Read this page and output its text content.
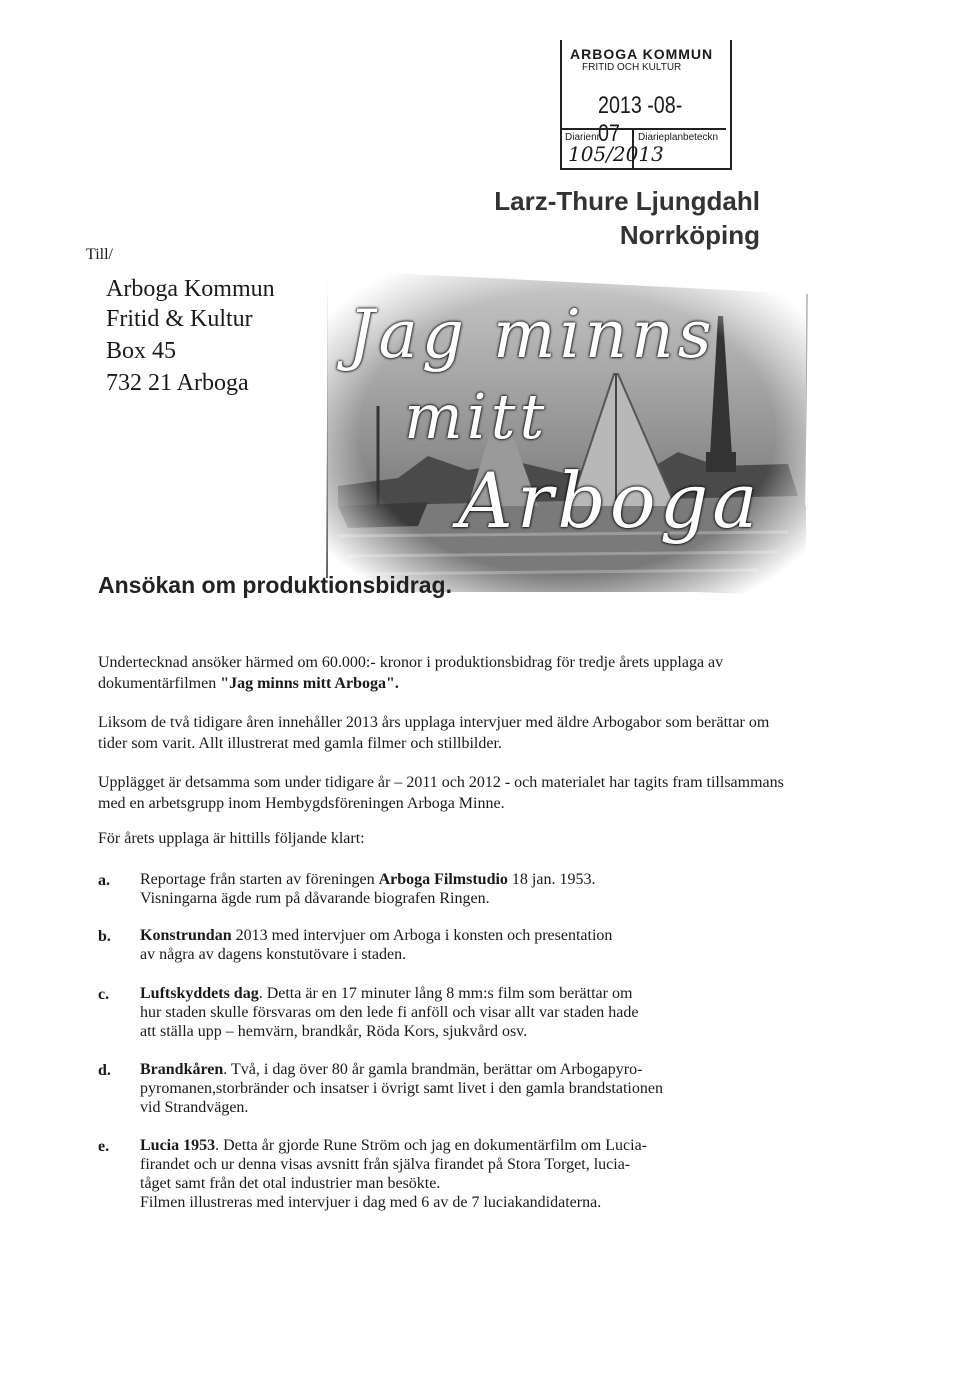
ARBOGA KOMMUN
FRITID OCH KULTUR
2013 -08- 07
Diarienr
105/2013
Diarieplanbeteckn
Larz-Thure Ljungdahl
Norrköping
Till/
Arboga Kommun
Fritid & Kultur
Box 45
732 21 Arboga
Jag minns
mitt
Arboga
Ansökan om produktionsbidrag.

Undertecknad ansöker härmed om 60.000:- kronor i produktionsbidrag för tredje årets upplaga av dokumentärfilmen "Jag minns mitt Arboga".

Liksom de två tidigare åren innehåller 2013 års upplaga intervjuer med äldre Arbogabor som berättar om tider som varit. Allt illustrerat med gamla filmer och stillbilder.
Upplägget är detsamma som under tidigare år – 2011 och 2012 - och materialet har tagits fram tillsammans med en arbetsgrupp inom Hembygdsföreningen Arboga Minne.
För årets upplaga är hittills följande klart:
a. Reportage från starten av föreningen Arboga Filmstudio 18 jan. 1953.

Visningarna ägde rum på dåvarande biografen Ringen.

b. Konstrundan 2013 med intervjuer om Arboga i konsten och presentation

av några av dagens konstutövare i staden.

c. Luftskyddets dag. Detta är en 17 minuter lång 8 mm:s film som berättar om

hur staden skulle försvaras om den lede fi anföll och visar allt var staden hade

att ställa upp – hemvärn, brandkår, Röda Kors, sjukvård osv.

d. Brandkåren. Två, i dag över 80 år gamla brandmän, berättar om Arbogapyro-

pyromanen,storbränder och insatser i övrigt samt livet i den gamla brandstationen

vid Strandvägen.

e. Lucia 1953. Detta år gjorde Rune Ström och jag en dokumentärfilm om Lucia-

firandet och ur denna visas avsnitt från själva firandet på Stora Torget, lucia-

tåget samt från det otal industrier man besökte.

Filmen illustreras med intervjuer i dag med 6 av de 7 luciakandidaterna.
